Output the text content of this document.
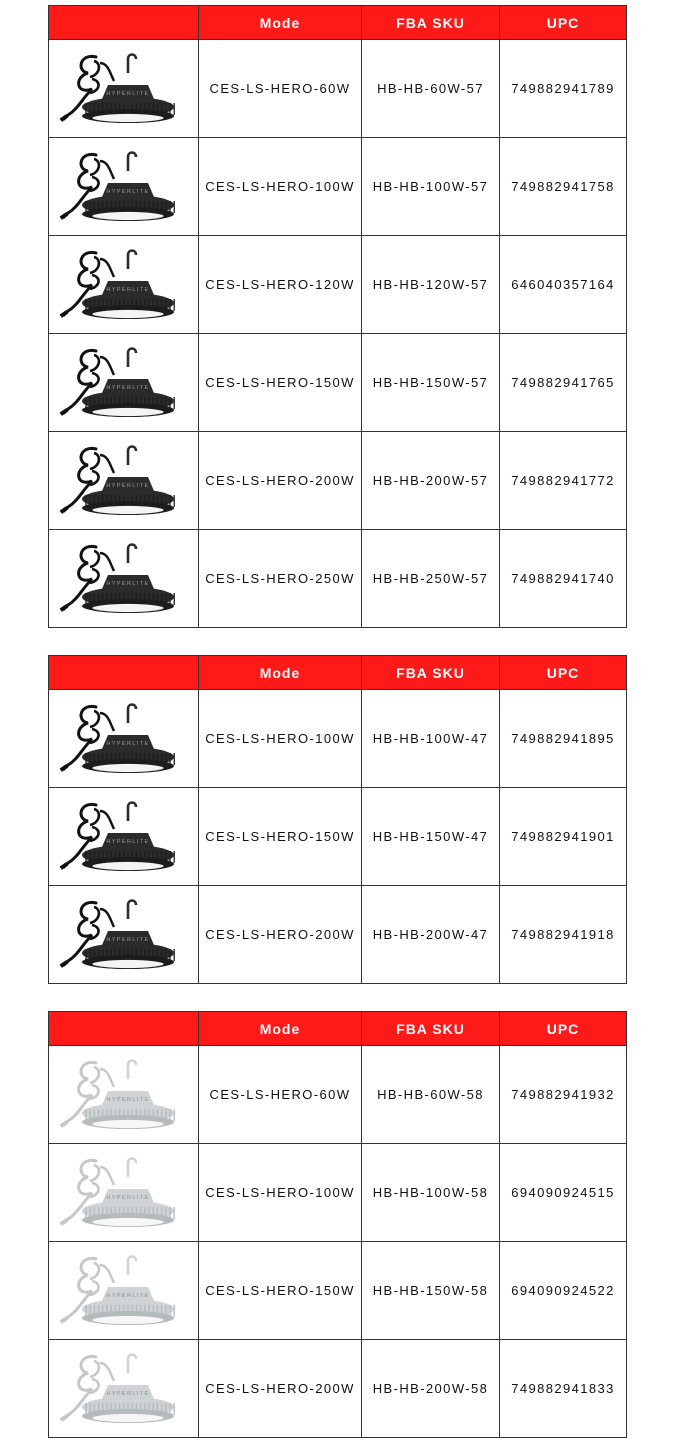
	Mode	FBA SKU	UPC

HYPERLITE	CES-LS-HERO-60W	HB-HB-60W-57	749882941789

HYPERLITE	CES-LS-HERO-100W	HB-HB-100W-57	749882941758

HYPERLITE	CES-LS-HERO-120W	HB-HB-120W-57	646040357164

HYPERLITE	CES-LS-HERO-150W	HB-HB-150W-57	749882941765

HYPERLITE	CES-LS-HERO-200W	HB-HB-200W-57	749882941772

HYPERLITE	CES-LS-HERO-250W	HB-HB-250W-57	749882941740
	Mode	FBA SKU	UPC

HYPERLITE	CES-LS-HERO-100W	HB-HB-100W-47	749882941895

HYPERLITE	CES-LS-HERO-150W	HB-HB-150W-47	749882941901

HYPERLITE	CES-LS-HERO-200W	HB-HB-200W-47	749882941918
	Mode	FBA SKU	UPC

HYPERLITE	CES-LS-HERO-60W	HB-HB-60W-58	749882941932

HYPERLITE	CES-LS-HERO-100W	HB-HB-100W-58	694090924515

HYPERLITE	CES-LS-HERO-150W	HB-HB-150W-58	694090924522

HYPERLITE	CES-LS-HERO-200W	HB-HB-200W-58	749882941833
